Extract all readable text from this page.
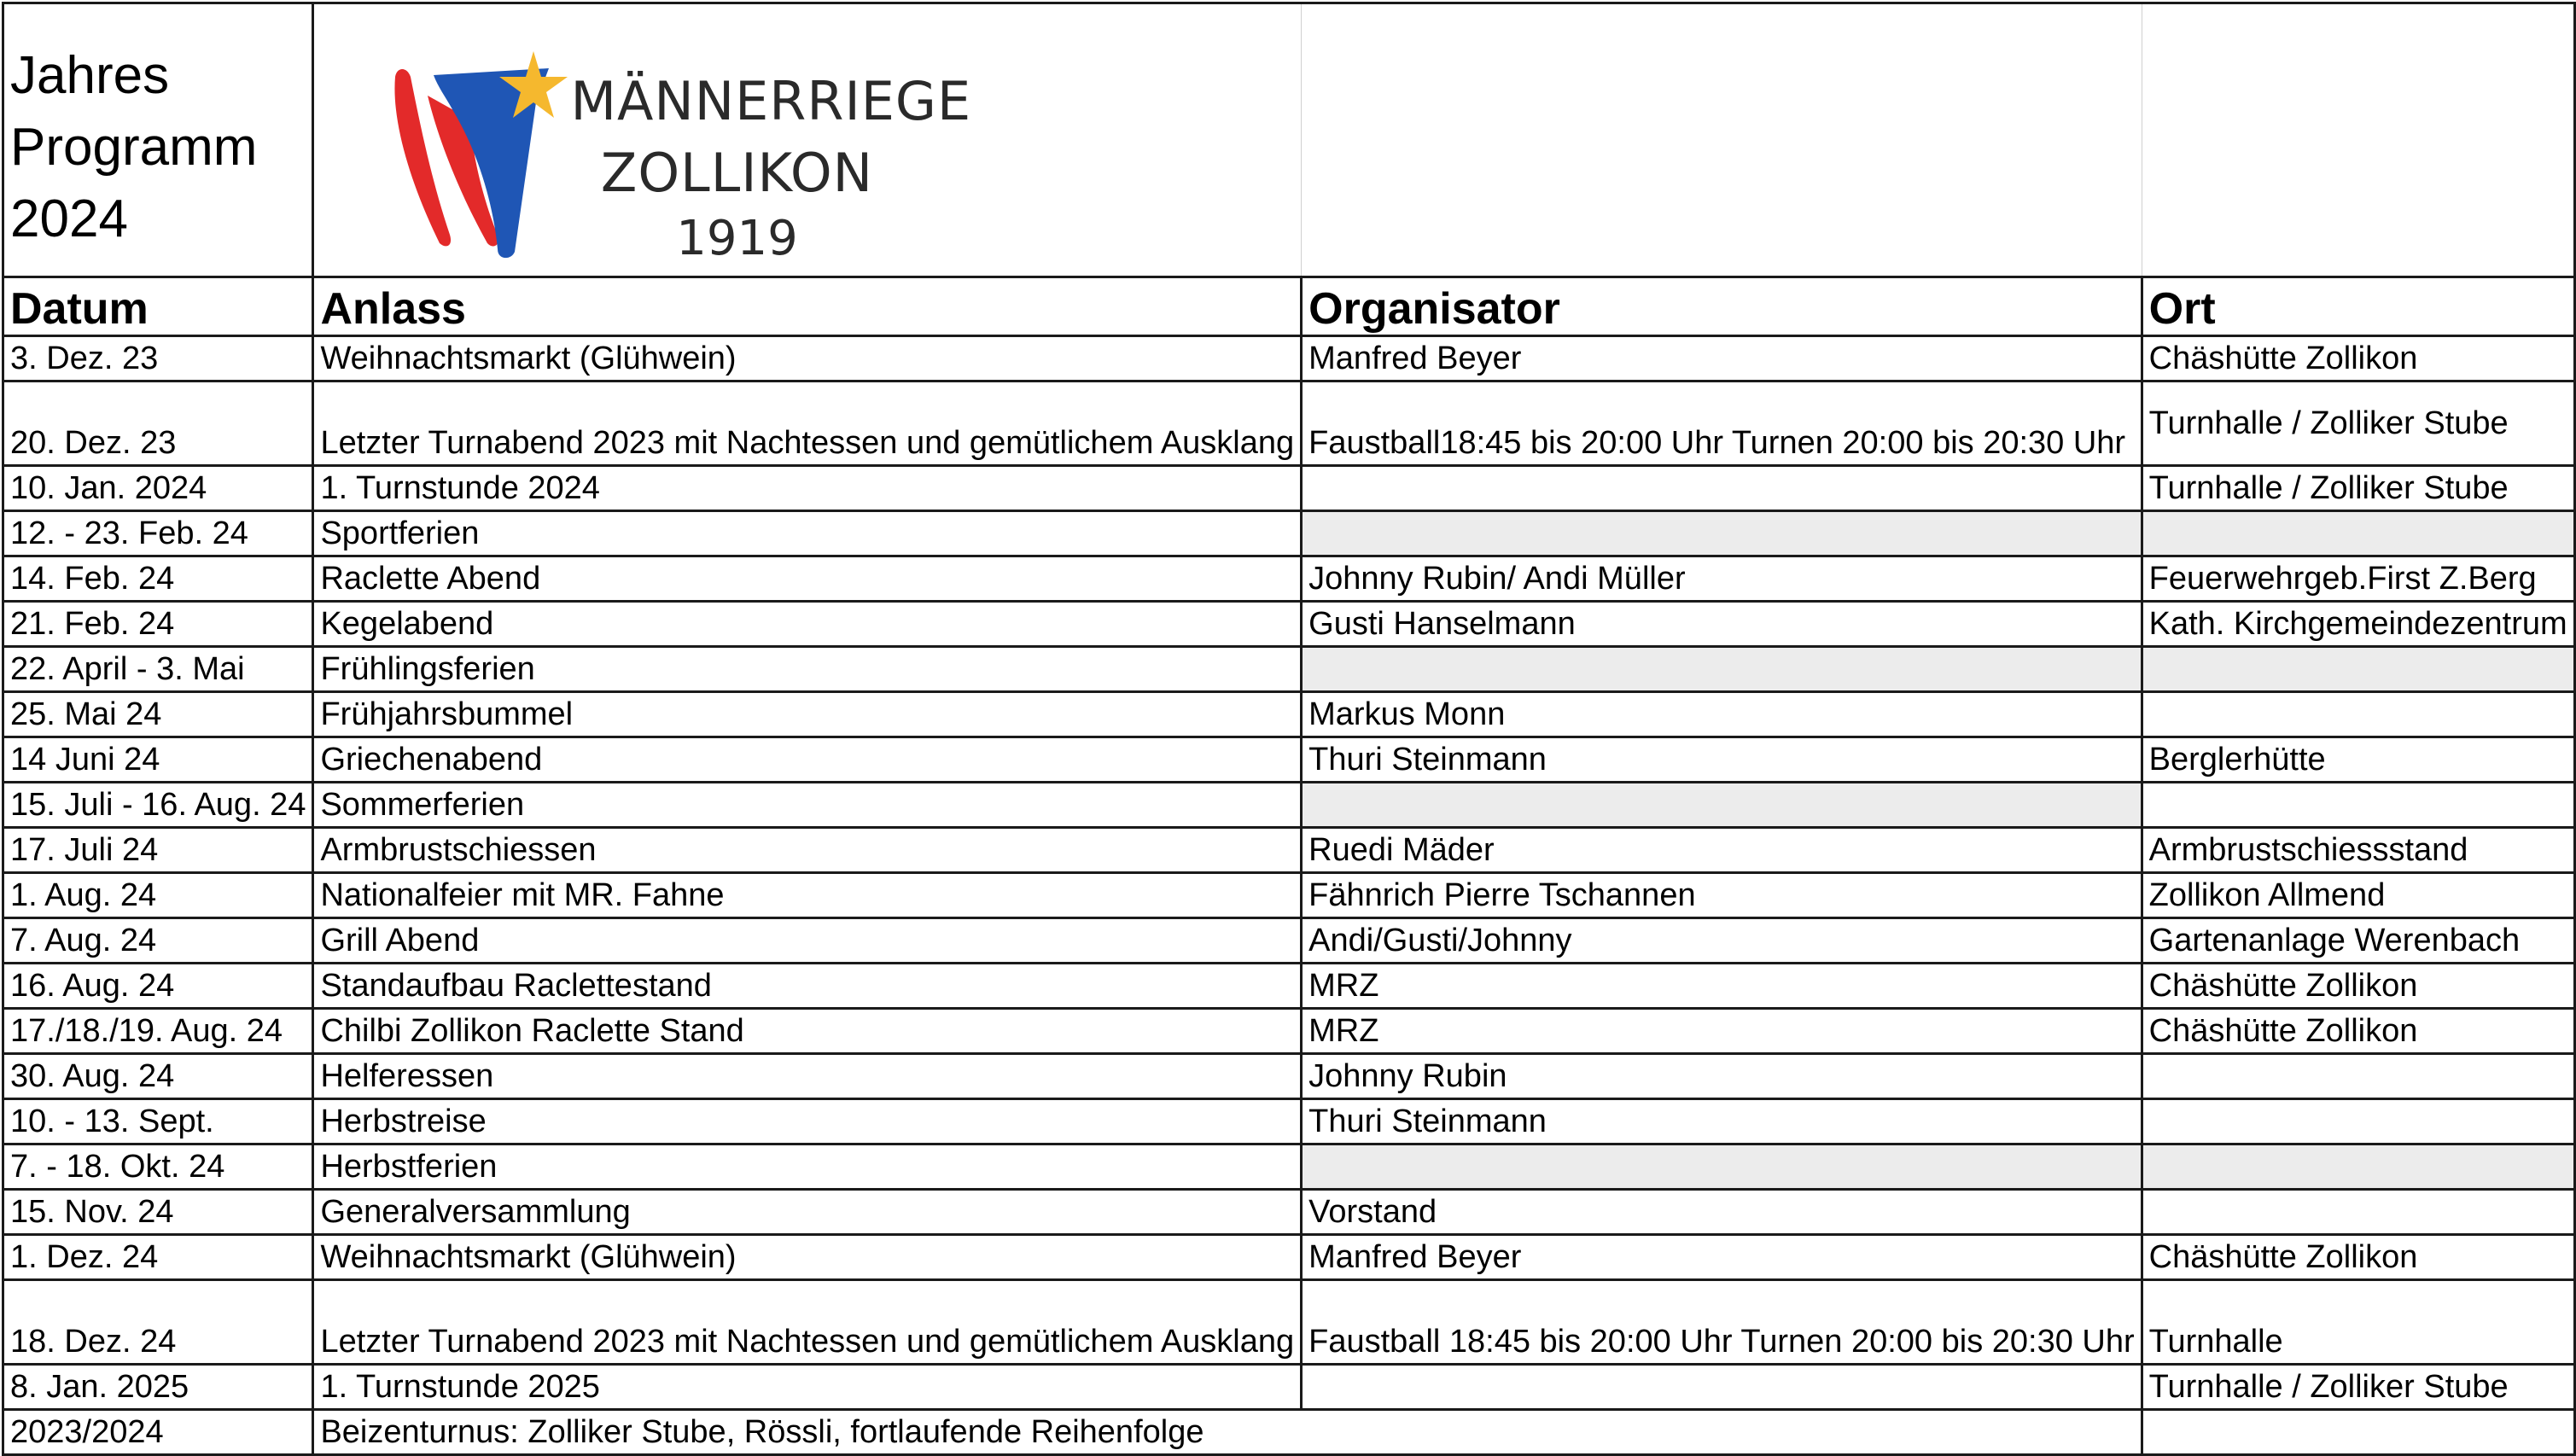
Jahres Programm 2024	MÄNNERRIEGE
ZOLLIKON
1919		

Datum	Anlass	Organisator	Ort
3. Dez. 23	Weihnachtsmarkt (Glühwein)	Manfred Beyer	Chäshütte Zollikon
20. Dez. 23	Letzter Turnabend 2023 mit Nachtessen und gemütlichem Ausklang	Faustball18:45 bis 20:00 Uhr Turnen 20:00 bis 20:30 Uhr	Turnhalle / Zolliker Stube
10. Jan. 2024	1. Turnstunde 2024		Turnhalle / Zolliker Stube
12. - 23. Feb. 24	Sportferien		
14. Feb. 24	Raclette Abend	Johnny Rubin/ Andi Müller	Feuerwehrgeb.First Z.Berg
21. Feb. 24	Kegelabend	Gusti Hanselmann	Kath. Kirchgemeindezentrum
22. April - 3. Mai	Frühlingsferien		
25. Mai 24	Frühjahrsbummel	Markus Monn	
14 Juni 24	Griechenabend	Thuri Steinmann	Berglerhütte
15. Juli - 16. Aug. 24	Sommerferien		
17. Juli 24	Armbrustschiessen	Ruedi Mäder	Armbrustschiessstand
1. Aug. 24	Nationalfeier mit MR. Fahne	Fähnrich Pierre Tschannen	Zollikon Allmend
7. Aug. 24	Grill Abend	Andi/Gusti/Johnny	Gartenanlage Werenbach
16. Aug. 24	Standaufbau Raclettestand	MRZ	Chäshütte Zollikon
17./18./19. Aug. 24	Chilbi Zollikon Raclette Stand	MRZ	Chäshütte Zollikon
30. Aug. 24	Helferessen	Johnny Rubin	
10. - 13. Sept.	Herbstreise	Thuri Steinmann	
7. - 18. Okt. 24	Herbstferien		
15. Nov. 24	Generalversammlung	Vorstand	
1. Dez. 24	Weihnachtsmarkt (Glühwein)	Manfred Beyer	Chäshütte Zollikon
18. Dez. 24	Letzter Turnabend 2023 mit Nachtessen und gemütlichem Ausklang	Faustball 18:45 bis 20:00 Uhr Turnen 20:00 bis 20:30 Uhr	Turnhalle
8. Jan. 2025	1. Turnstunde 2025		Turnhalle / Zolliker Stube
2023/2024	Beizenturnus: Zolliker Stube, Rössli, fortlaufende Reihenfolge		
